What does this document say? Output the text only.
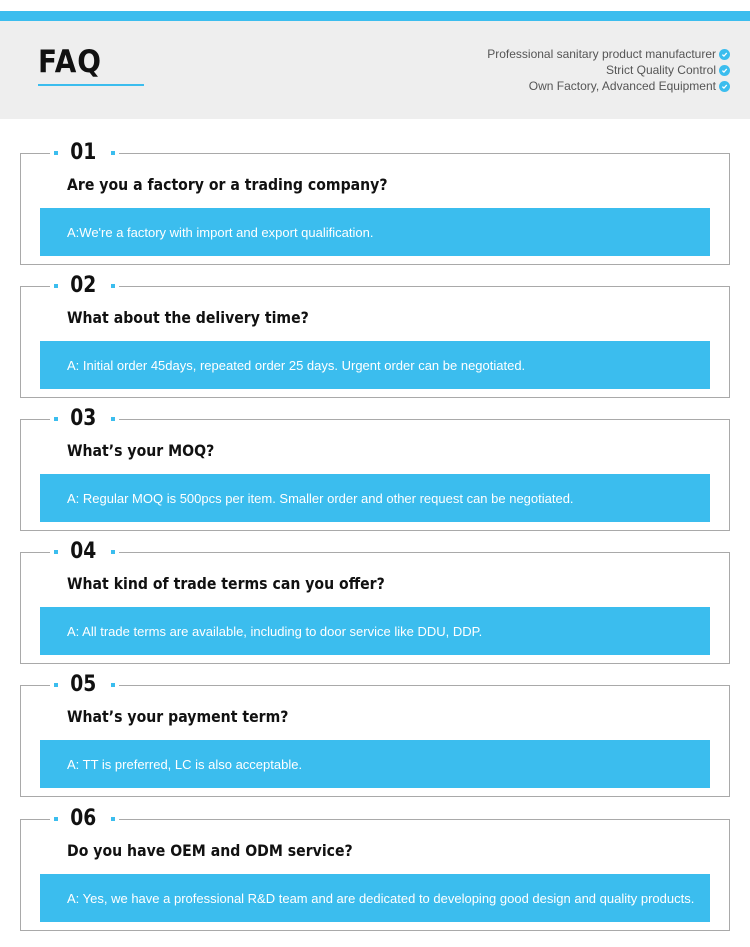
FAQ	Professional sanitary product manufacturer
Strict Quality Control
Own Factory, Advanced Equipment
01
Are you a factory or a trading company?
A:We're a factory with import and export qualification.
02
What about the delivery time?
A: Initial order 45days, repeated order 25 days. Urgent order can be negotiated.
03
What’s your MOQ?
A: Regular MOQ is 500pcs per item. Smaller order and other request can be negotiated.
04
What kind of trade terms can you offer?
A: All trade terms are available, including to door service like DDU, DDP.
05
What’s your payment term?
A: TT is preferred, LC is also acceptable.
06
Do you have OEM and ODM service?
A: Yes, we have a professional R&D team and are dedicated to developing good design and quality products.
